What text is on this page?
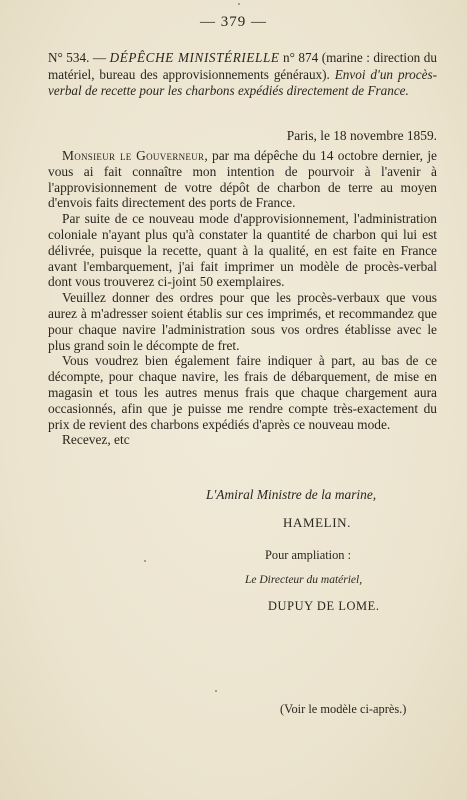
— 379 —
N° 534. — DÉPÊCHE MINISTÉRIELLE n° 874 (marine : direction du matériel, bureau des approvisionnements généraux). Envoi d'un procès-verbal de recette pour les charbons expédiés directement de France.
Paris, le 18 novembre 1859.

Monsieur le Gouverneur, par ma dépêche du 14 octobre dernier, je vous ai fait connaître mon intention de pourvoir à l'avenir à l'approvisionnement de votre dépôt de charbon de terre au moyen d'envois faits directement des ports de France.

Par suite de ce nouveau mode d'approvisionnement, l'administration coloniale n'ayant plus qu'à constater la quantité de charbon qui lui est délivrée, puisque la recette, quant à la qualité, en est faite en France avant l'embarquement, j'ai fait imprimer un modèle de procès-verbal dont vous trouverez ci-joint 50 exemplaires.

Veuillez donner des ordres pour que les procès-verbaux que vous aurez à m'adresser soient établis sur ces imprimés, et recommandez que pour chaque navire l'administration sous vos ordres établisse avec le plus grand soin le décompte de fret.

Vous voudrez bien également faire indiquer à part, au bas de ce décompte, pour chaque navire, les frais de débarquement, de mise en magasin et tous les autres menus frais que chaque chargement aura occasionnés, afin que je puisse me rendre compte très-exactement du prix de revient des charbons expédiés d'après ce nouveau mode.

Recevez, etc

L'Amiral Ministre de la marine,
HAMELIN.
Pour ampliation :
Le Directeur du matériel,
DUPUY DE LOME.
(Voir le modèle ci-après.)
